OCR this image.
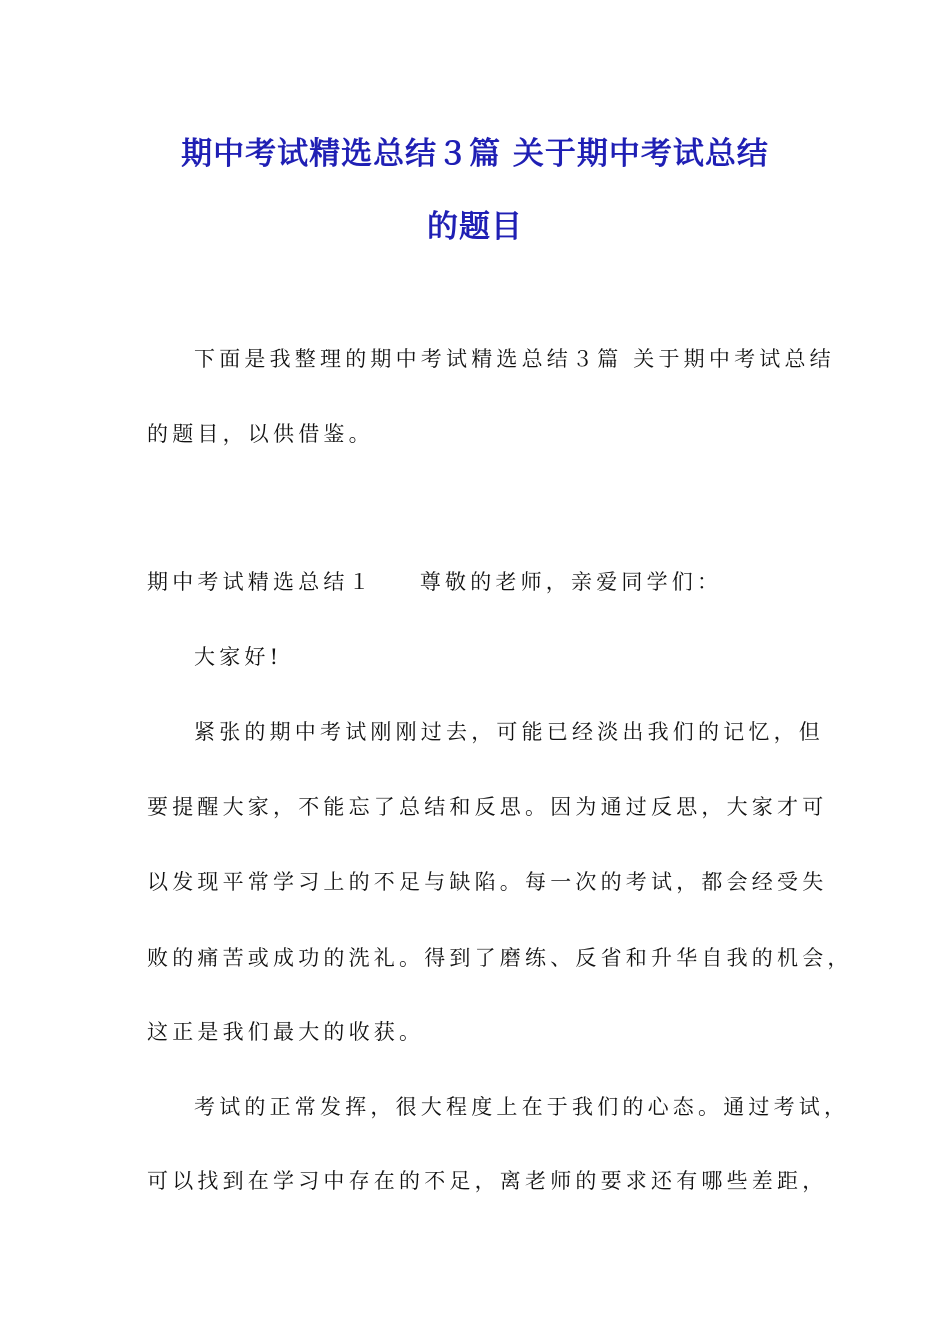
期中考试精选总结３篇 关于期中考试总结
的题目

下面是我整理的期中考试精选总结３篇 关于期中考试总结

的题目，以供借鉴。

期中考试精选总结１ 尊敬的老师，亲爱同学们：

大家好!

紧张的期中考试刚刚过去，可能已经淡出我们的记忆，但

要提醒大家，不能忘了总结和反思。因为通过反思，大家才可

以发现平常学习上的不足与缺陷。每一次的考试，都会经受失

败的痛苦或成功的洗礼。得到了磨练、反省和升华自我的机会，

这正是我们最大的收获。

考试的正常发挥，很大程度上在于我们的心态。通过考试，

可以找到在学习中存在的不足，离老师的要求还有哪些差距，
